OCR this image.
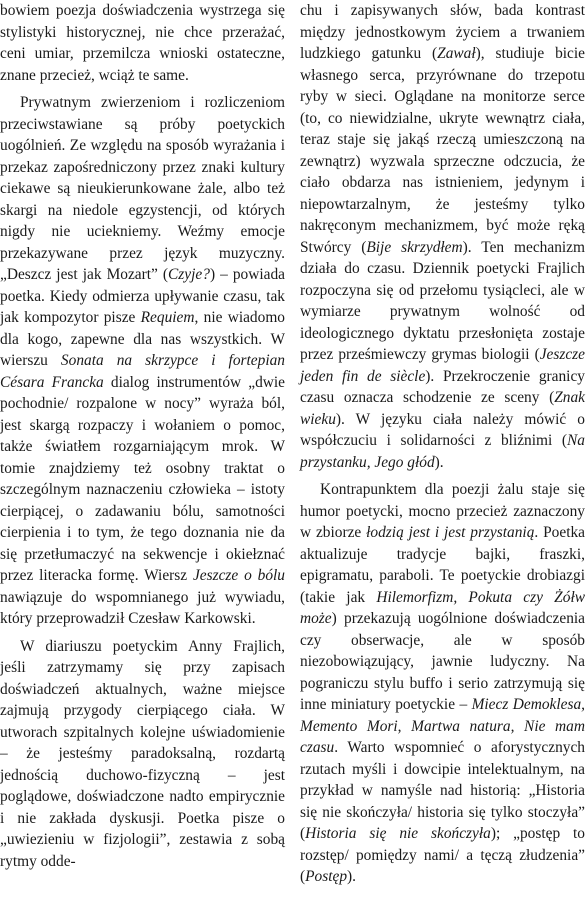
bowiem poezja doświadczenia wystrzega się stylistyki historycznej, nie chce przerażać, ceni umiar, przemilcza wnioski ostateczne, znane przecież, wciąż te same.

Prywatnym zwierzeniom i rozliczeniom przeciwstawiane są próby poetyckich uogólnień. Ze względu na sposób wyrażania i przekaz zapośredniczony przez znaki kultury ciekawe są nieukierunkowane żale, albo też skargi na niedole egzystencji, od których nigdy nie uciekniemy. Weźmy emocje przekazywane przez język muzyczny. „Deszcz jest jak Mozart” (Czyje?) – powiada poetka. Kiedy odmierza upływanie czasu, tak jak kompozytor pisze Requiem, nie wiadomo dla kogo, zapewne dla nas wszystkich. W wierszu Sonata na skrzypce i fortepian Césara Francka dialog instrumentów „dwie pochodnie/ rozpalone w nocy” wyraża ból, jest skargą rozpaczy i wołaniem o pomoc, także światłem rozgarniającym mrok. W tomie znajdziemy też osobny traktat o szczególnym naznaczeniu człowieka – istoty cierpiącej, o zadawaniu bólu, samotności cierpienia i to tym, że tego doznania nie da się przetłumaczyć na sekwencje i okiełznać przez literacka formę. Wiersz Jeszcze o bólu nawiązuje do wspomnianego już wywiadu, który przeprowadził Czesław Karkowski.

W diariuszu poetyckim Anny Frajlich, jeśli zatrzymamy się przy zapisach doświadczeń aktualnych, ważne miejsce zajmują przygody cierpiącego ciała. W utworach szpitalnych kolejne uświadomienie – że jesteśmy paradoksalną, rozdartą jednością duchowo-fizyczną – jest poglądowe, doświadczone nadto empirycznie i nie zakłada dyskusji. Poetka pisze o „uwiezieniu w fizjologii”, zestawia z sobą rytmy odde-

chu i zapisywanych słów, bada kontrast między jednostkowym życiem a trwaniem ludzkiego gatunku (Zawał), studiuje bicie własnego serca, przyrównane do trzepotu ryby w sieci. Oglądane na monitorze serce (to, co niewidzialne, ukryte wewnątrz ciała, teraz staje się jakąś rzeczą umieszczoną na zewnątrz) wyzwala sprzeczne odczucia, że ciało obdarza nas istnieniem, jedynym i niepowtarzalnym, że jesteśmy tylko nakręconym mechanizmem, być może ręką Stwórcy (Bije skrzydłem). Ten mechanizm działa do czasu. Dziennik poetycki Frajlich rozpoczyna się od przełomu tysiącleci, ale w wymiarze prywatnym wolność od ideologicznego dyktatu przesłonięta zostaje przez prześmiewczy grymas biologii (Jeszcze jeden fin de siècle). Przekroczenie granicy czasu oznacza schodzenie ze sceny (Znak wieku). W języku ciała należy mówić o współczuciu i solidarności z bliźnimi (Na przystanku, Jego głód).

Kontrapunktem dla poezji żalu staje się humor poetycki, mocno przecież zaznaczony w zbiorze łodzią jest i jest przystanią. Poetka aktualizuje tradycje bajki, fraszki, epigramatu, paraboli. Te poetyckie drobiazgi (takie jak Hilemorfizm, Pokuta czy Żółw może) przekazują uogólnione doświadczenia czy obserwacje, ale w sposób niezobowiązujący, jawnie ludyczny. Na pograniczu stylu buffo i serio zatrzymują się inne miniatury poetyckie – Miecz Demoklesa, Memento Mori, Martwa natura, Nie mam czasu. Warto wspomnieć o aforystycznych rzutach myśli i dowcipie intelektualnym, na przykład w namyśle nad historią: „Historia się nie skończyła/ historia się tylko stoczyła” (Historia się nie skończyła); „postęp to rozstęp/ pomiędzy nami/ a tęczą złudzenia” (Postęp).
